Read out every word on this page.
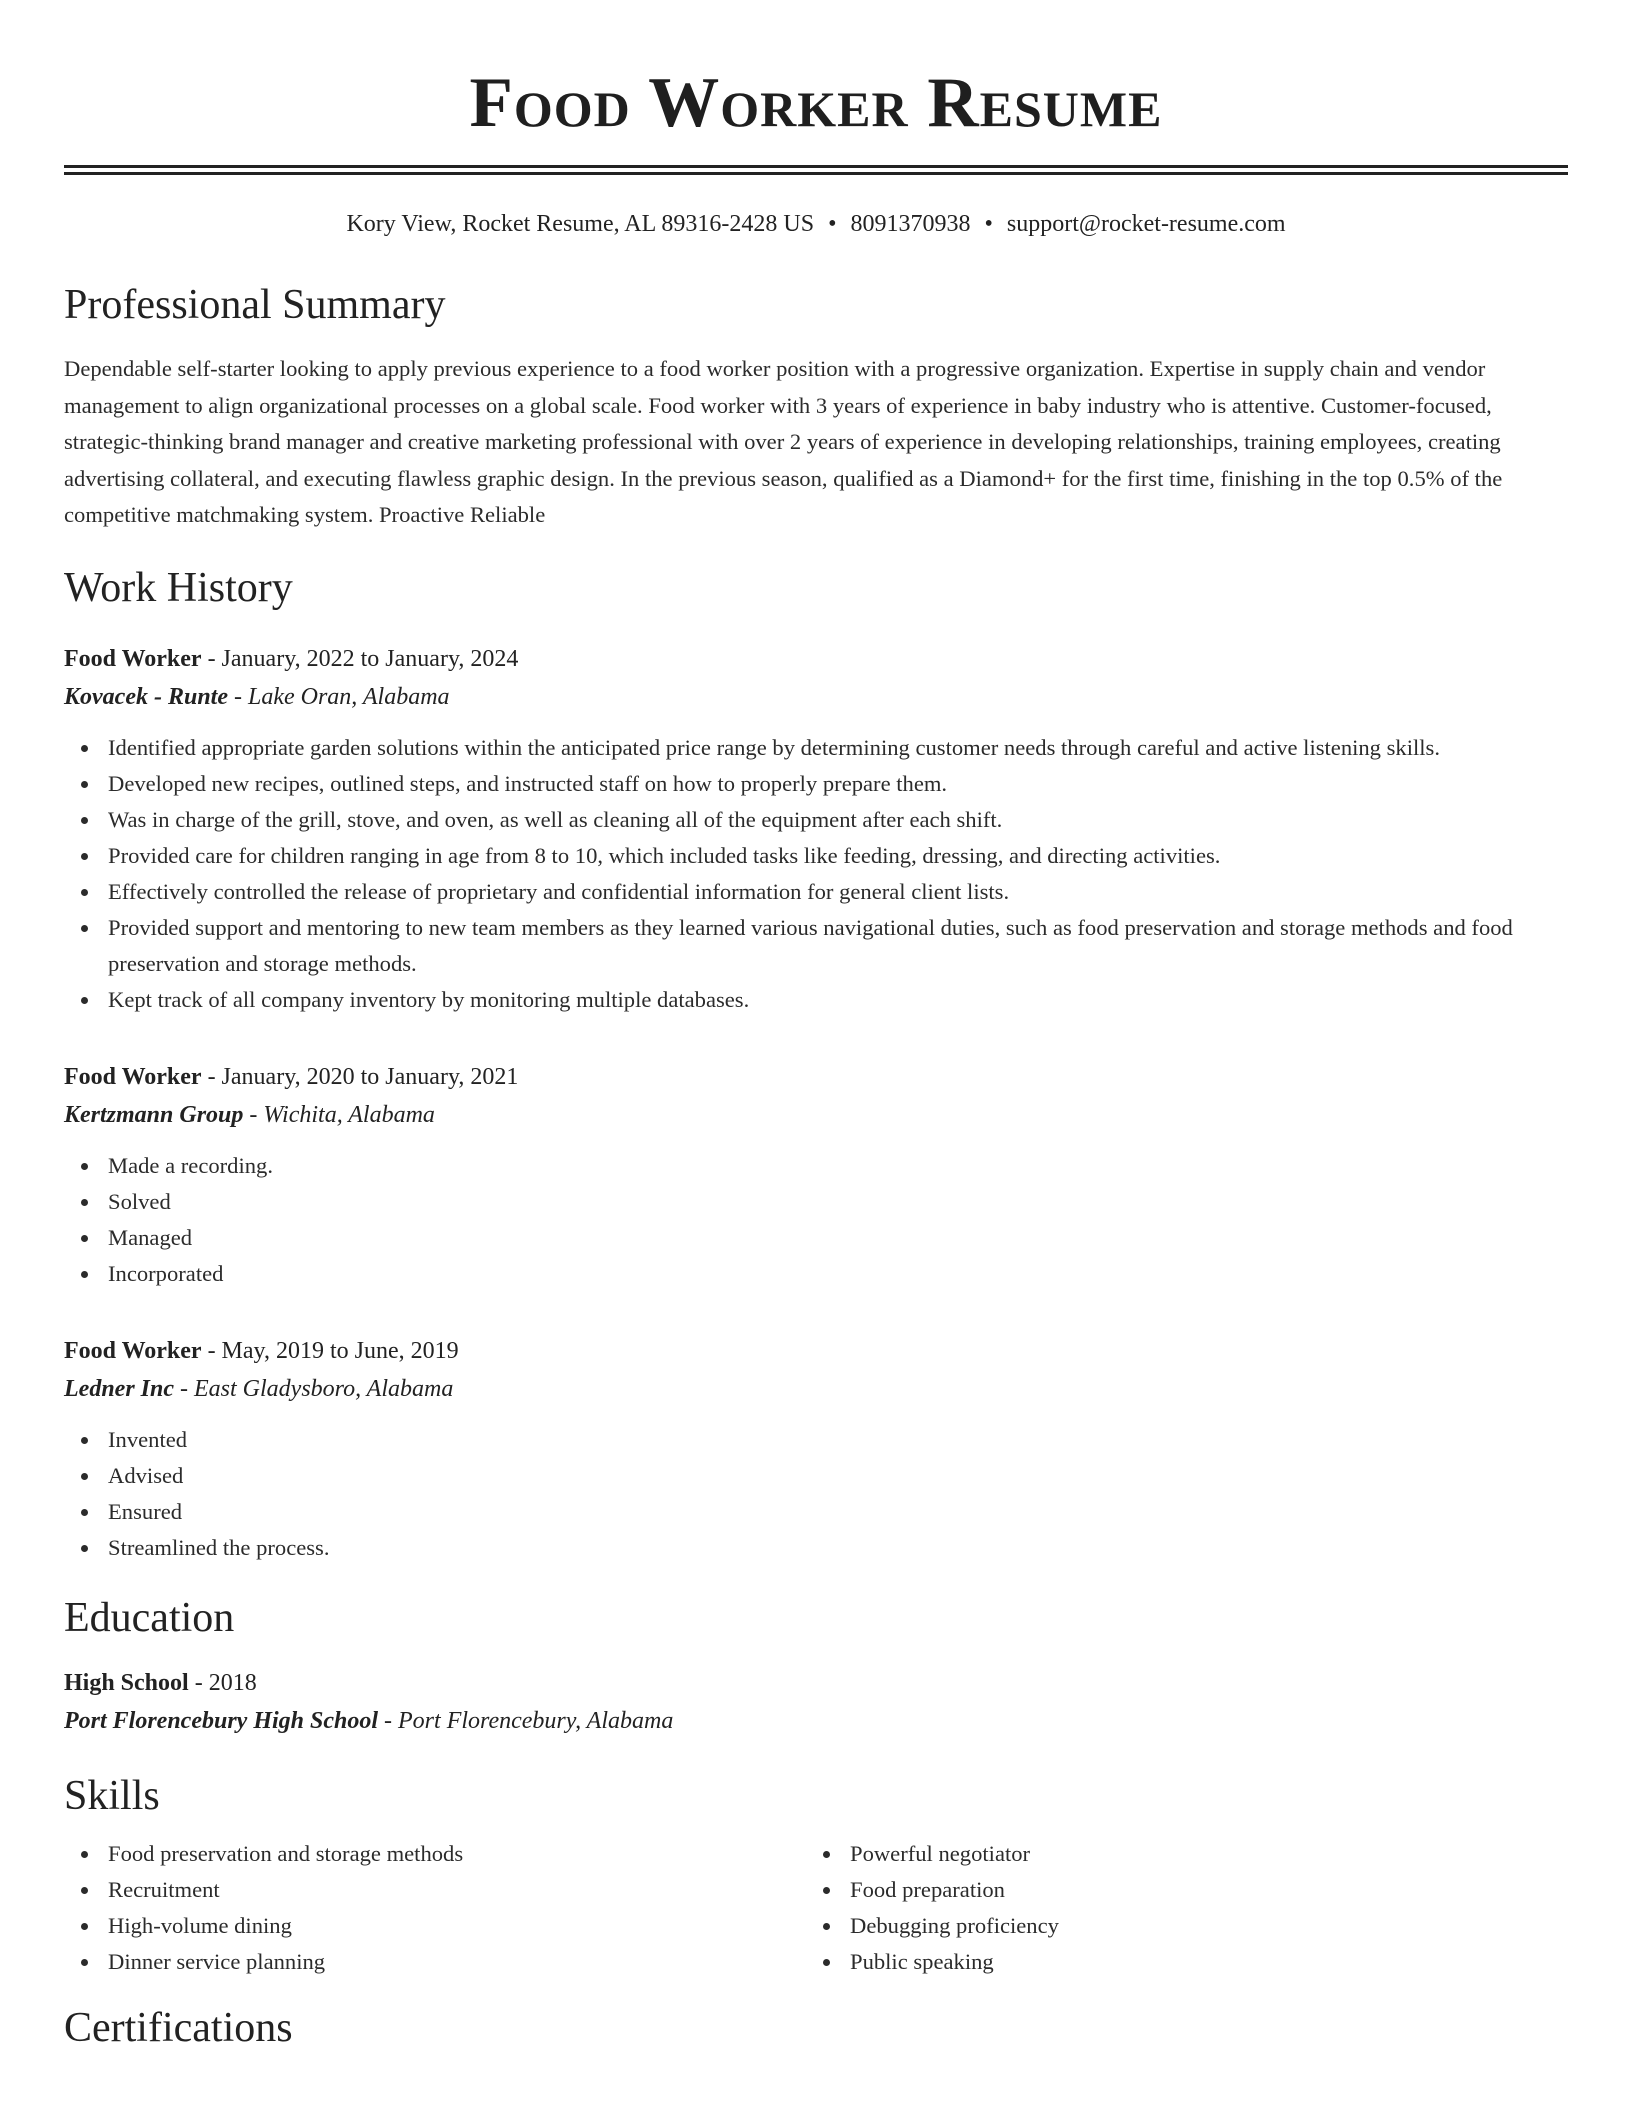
Food Worker Resume
Kory View, Rocket Resume, AL 89316-2428 US • 8091370938 • support@rocket-resume.com
Professional Summary
Dependable self-starter looking to apply previous experience to a food worker position with a progressive organization. Expertise in supply chain and vendor management to align organizational processes on a global scale. Food worker with 3 years of experience in baby industry who is attentive. Customer-focused, strategic-thinking brand manager and creative marketing professional with over 2 years of experience in developing relationships, training employees, creating advertising collateral, and executing flawless graphic design. In the previous season, qualified as a Diamond+ for the first time, finishing in the top 0.5% of the competitive matchmaking system. Proactive Reliable
Work History
Food Worker - January, 2022 to January, 2024
Kovacek - Runte - Lake Oran, Alabama
Identified appropriate garden solutions within the anticipated price range by determining customer needs through careful and active listening skills.
Developed new recipes, outlined steps, and instructed staff on how to properly prepare them.
Was in charge of the grill, stove, and oven, as well as cleaning all of the equipment after each shift.
Provided care for children ranging in age from 8 to 10, which included tasks like feeding, dressing, and directing activities.
Effectively controlled the release of proprietary and confidential information for general client lists.
Provided support and mentoring to new team members as they learned various navigational duties, such as food preservation and storage methods and food preservation and storage methods.
Kept track of all company inventory by monitoring multiple databases.
Food Worker - January, 2020 to January, 2021
Kertzmann Group - Wichita, Alabama
Made a recording.
Solved
Managed
Incorporated
Food Worker - May, 2019 to June, 2019
Ledner Inc - East Gladysboro, Alabama
Invented
Advised
Ensured
Streamlined the process.
Education
High School - 2018
Port Florencebury High School - Port Florencebury, Alabama
Skills
Food preservation and storage methods
Recruitment
High-volume dining
Dinner service planning
Powerful negotiator
Food preparation
Debugging proficiency
Public speaking
Certifications
